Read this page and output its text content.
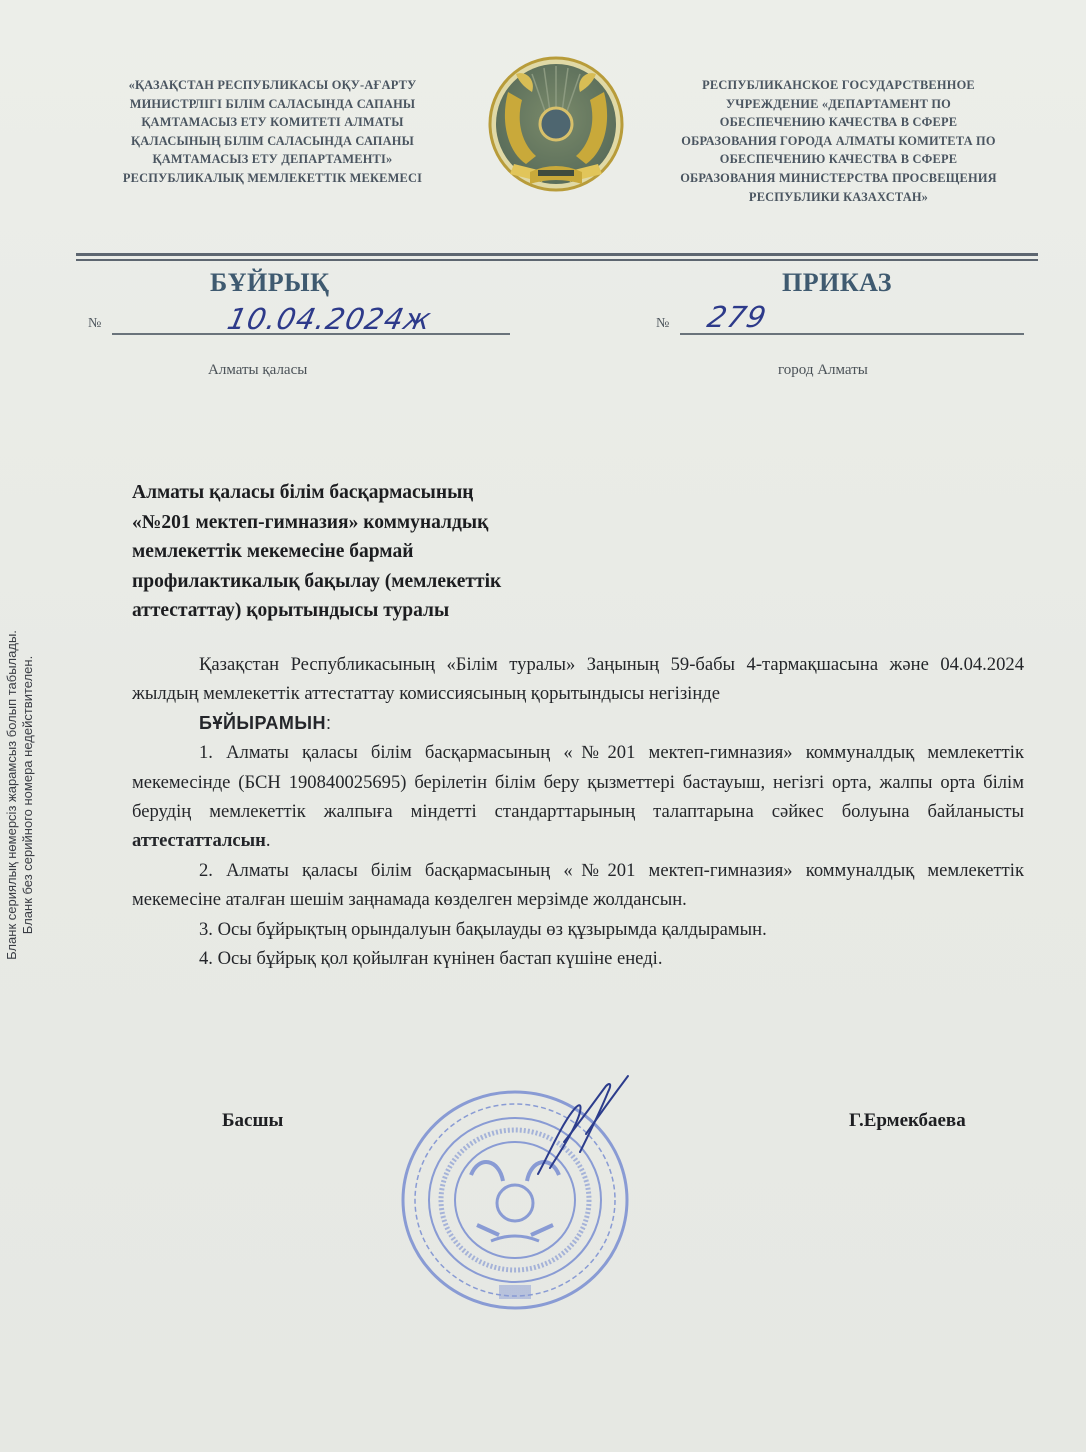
Бланк сериялық нөмерсіз жарамсыз болып табылады. Бланк без серийного номера недействителен.
«ҚАЗАҚСТАН РЕСПУБЛИКАСЫ ОҚУ-АҒАРТУ
МИНИСТРЛІГІ БІЛІМ САЛАСЫНДА САПАНЫ
ҚАМТАМАСЫЗ ЕТУ КОМИТЕТІ АЛМАТЫ
ҚАЛАСЫНЫҢ БІЛІМ САЛАСЫНДА САПАНЫ
ҚАМТАМАСЫЗ ЕТУ ДЕПАРТАМЕНТІ»
РЕСПУБЛИКАЛЫҚ МЕМЛЕКЕТТІК МЕКЕМЕСІ
РЕСПУБЛИКАНСКОЕ ГОСУДАРСТВЕННОЕ
УЧРЕЖДЕНИЕ «ДЕПАРТАМЕНТ ПО
ОБЕСПЕЧЕНИЮ КАЧЕСТВА В СФЕРЕ
ОБРАЗОВАНИЯ ГОРОДА АЛМАТЫ КОМИТЕТА ПО
ОБЕСПЕЧЕНИЮ КАЧЕСТВА В СФЕРЕ
ОБРАЗОВАНИЯ МИНИСТЕРСТВА ПРОСВЕЩЕНИЯ
РЕСПУБЛИКИ КАЗАХСТАН»
БҰЙРЫҚ	ПРИКАЗ
№	10.04.2024ж	№ 279
Алматы қаласы	город Алматы
Алматы қаласы білім басқармасының
«№201 мектеп-гимназия» коммуналдық
мемлекеттік мекемесіне бармай
профилактикалық бақылау (мемлекеттік
аттестаттау) қорытындысы туралы
Қазақстан Республикасының «Білім туралы» Заңының 59-бабы 4-тармақшасына және 04.04.2024 жылдың мемлекеттік аттестаттау комиссиясының қорытындысы негізінде
БҰЙЫРАМЫН:
1. Алматы қаласы білім басқармасының «№201 мектеп-гимназия» коммуналдық мемлекеттік мекемесінде (БСН 190840025695) берілетін білім беру қызметтері бастауыш, негізгі орта, жалпы орта білім берудің мемлекеттік жалпыға міндетті стандарттарының талаптарына сәйкес болуына байланысты аттестатталсын.
2. Алматы қаласы білім басқармасының «№201 мектеп-гимназия» коммуналдық мемлекеттік мекемесіне аталған шешім заңнамада көзделген мерзімде жолдансын.
3. Осы бұйрықтың орындалуын бақылауды өз құзырымда қалдырамын.
4. Осы бұйрық қол қойылған күнінен бастап күшіне енеді.
Басшы	Г.Ермекбаева
